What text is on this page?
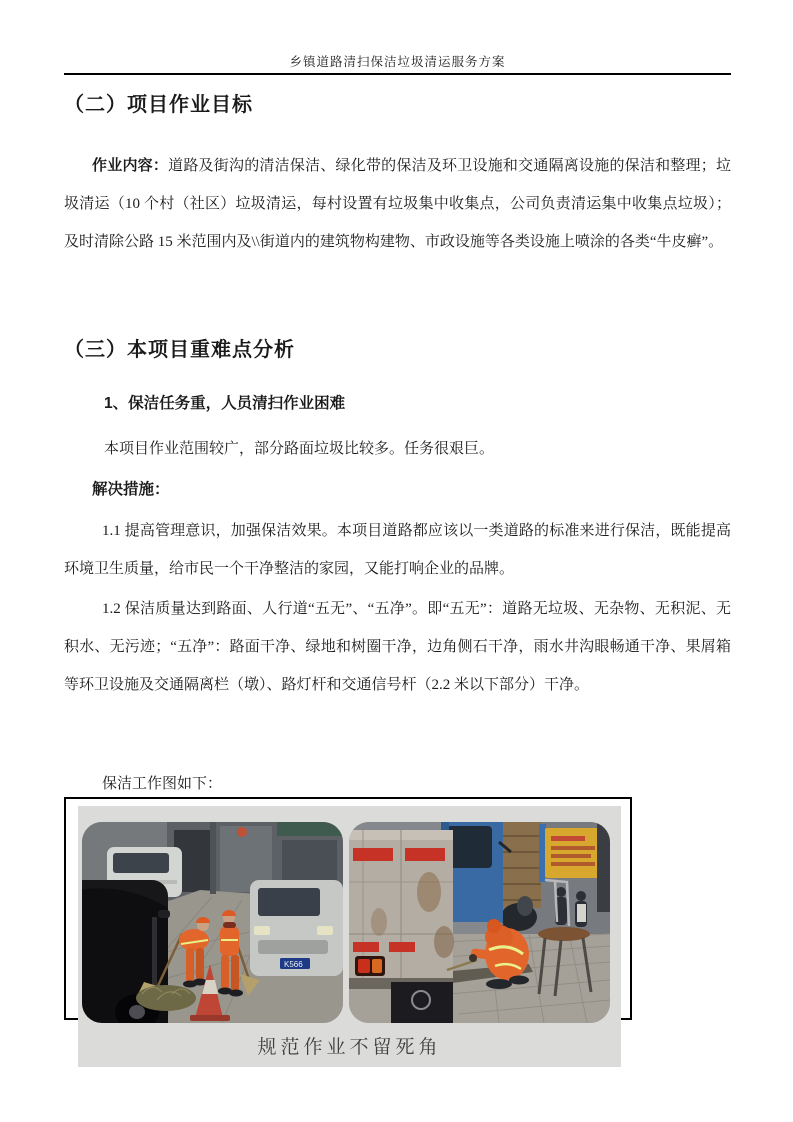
乡镇道路清扫保洁垃圾清运服务方案
（二）项目作业目标

作业内容：道路及街沟的清洁保洁、绿化带的保洁及环卫设施和交通隔离设施的保洁和整理；垃圾清运（10 个村（社区）垃圾清运，每村设置有垃圾集中收集点，公司负责清运集中收集点垃圾）；及时清除公路 15 米范围内及\\街道内的建筑物构建物、市政设施等各类设施上喷涂的各类“牛皮癣”。

（三）本项目重难点分析

1、保洁任务重，人员清扫作业困难

本项目作业范围较广，部分路面垃圾比较多。任务很艰巨。

解决措施：

1.1 提高管理意识，加强保洁效果。本项目道路都应该以一类道路的标准来进行保洁，既能提高环境卫生质量，给市民一个干净整洁的家园，又能打响企业的品牌。

1.2 保洁质量达到路面、人行道“五无”、“五净”。即“五无”：道路无垃圾、无杂物、无积泥、无积水、无污迹；“五净”：路面干净、绿地和树圈干净，边角侧石干净，雨水井沟眼畅通干净、果屑箱等环卫设施及交通隔离栏（墩）、路灯杆和交通信号杆（2.2 米以下部分）干净。

保洁工作图如下：

K566
规范作业不留死角
